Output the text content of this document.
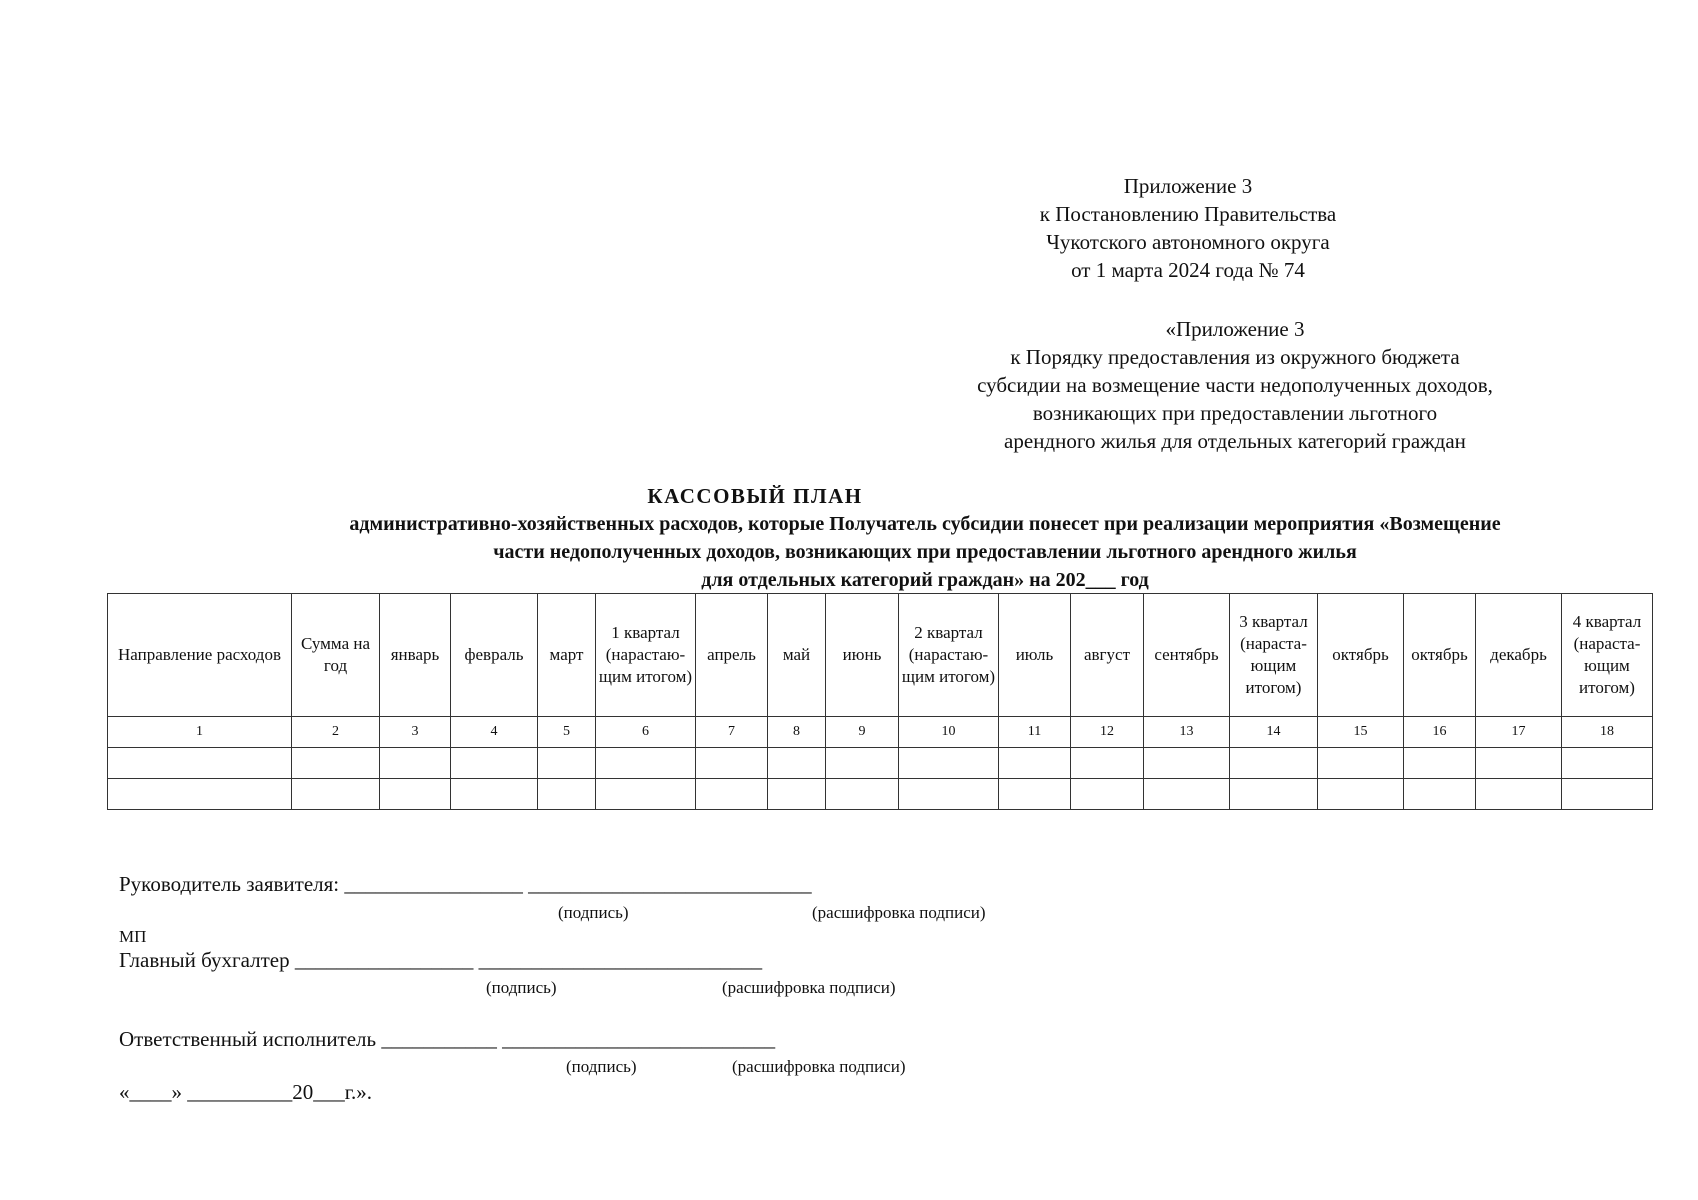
Приложение 3
к Постановлению Правительства
Чукотского автономного округа
от 1 марта 2024 года № 74
«Приложение 3
к Порядку предоставления из окружного бюджета
субсидии на возмещение части недополученных доходов,
возникающих при предоставлении льготного
арендного жилья для отдельных категорий граждан
КАССОВЫЙ ПЛАН
административно-хозяйственных расходов, которые Получатель субсидии понесет при реализации мероприятия «Возмещение
части недополученных доходов, возникающих при предоставлении льготного арендного жилья
для отдельных категорий граждан» на 202___ год
Направление расходов	Сумма на год	январь	февраль	март	1 квартал (нарастаю-щим итогом)	апрель	май	июнь	2 квартал (нарастаю-щим итогом)	июль	август	сентябрь	3 квартал (нараста-ющим итогом)	октябрь	октябрь	декабрь	4 квартал (нараста-ющим итогом)
1	2	3	4	5	6	7	8	9	10	11	12	13	14	15	16	17	18

Руководитель заявителя: _________________ ___________________________
(подпись)	(расшифровка подписи)
МП
Главный бухгалтер _________________ ___________________________
(подпись)	(расшифровка подписи)
Ответственный исполнитель ___________ __________________________
(подпись)	(расшифровка подписи)
«____» __________20___г.».
